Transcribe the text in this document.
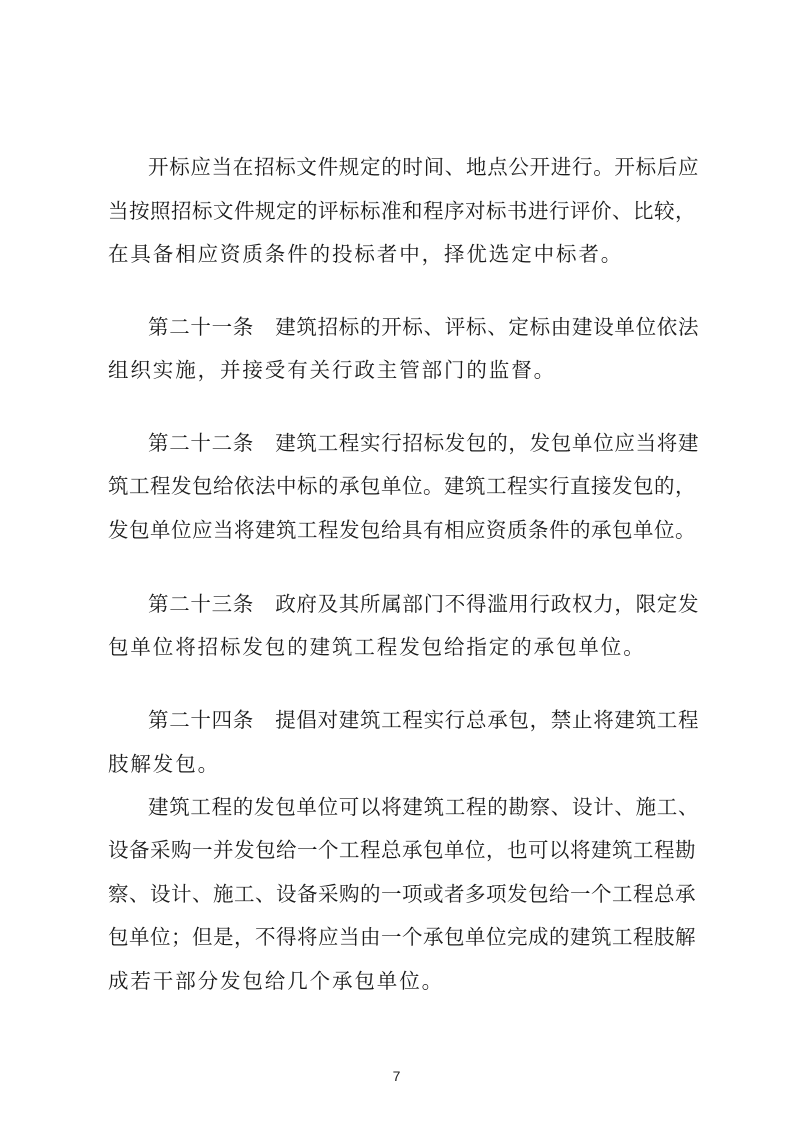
开标应当在招标文件规定的时间、地点公开进行。开标后应
当按照招标文件规定的评标标准和程序对标书进行评价、比较，
在具备相应资质条件的投标者中，择优选定中标者。
第二十一条　建筑招标的开标、评标、定标由建设单位依法
组织实施，并接受有关行政主管部门的监督。
第二十二条　建筑工程实行招标发包的，发包单位应当将建
筑工程发包给依法中标的承包单位。建筑工程实行直接发包的，
发包单位应当将建筑工程发包给具有相应资质条件的承包单位。
第二十三条　政府及其所属部门不得滥用行政权力，限定发
包单位将招标发包的建筑工程发包给指定的承包单位。
第二十四条　提倡对建筑工程实行总承包，禁止将建筑工程
肢解发包。
建筑工程的发包单位可以将建筑工程的勘察、设计、施工、
设备采购一并发包给一个工程总承包单位，也可以将建筑工程勘
察、设计、施工、设备采购的一项或者多项发包给一个工程总承
包单位；但是，不得将应当由一个承包单位完成的建筑工程肢解
成若干部分发包给几个承包单位。
7
